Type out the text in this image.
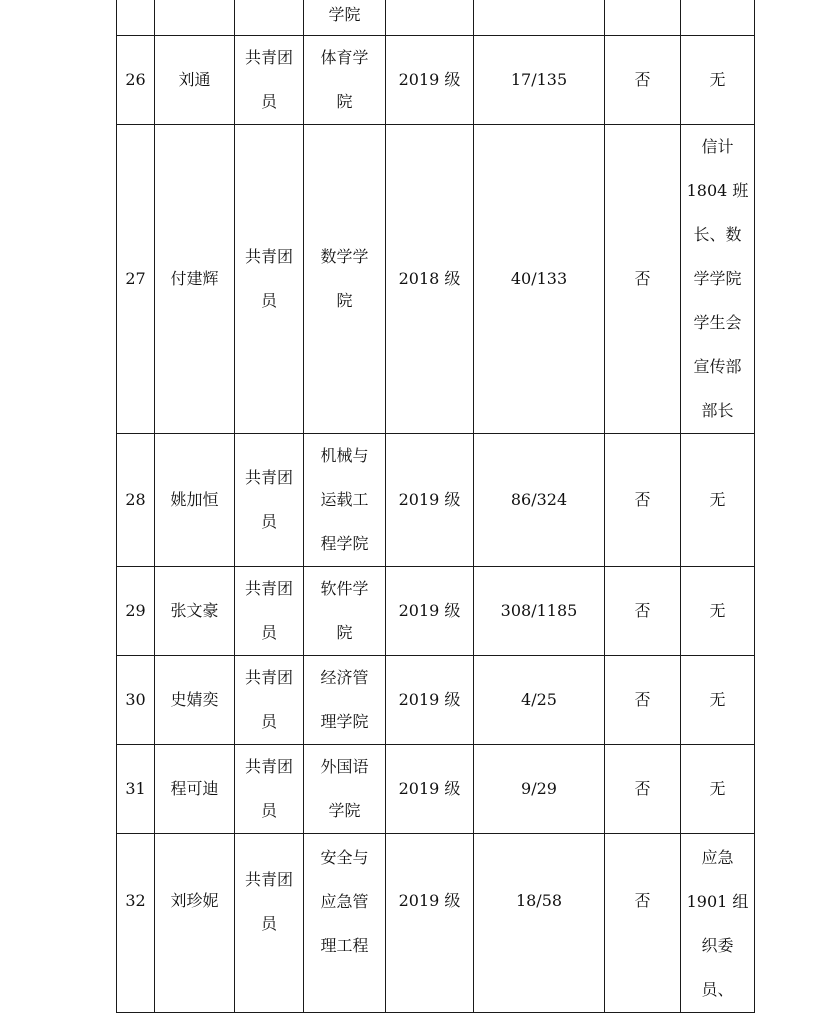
			学院				

26	刘通	共青团员	体育学院	2019 级	17/135	否	无
27	付建辉	共青团员	数学学院	2018 级	40/133	否	信计1804 班长、数学学院学生会宣传部部长

28	姚加恒	共青团员	机械与运载工程学院	2019 级	86/324	否	无
29	张文豪	共青团员	软件学院	2019 级	308/1185	否	无
30	史婧奕	共青团员	经济管理学院	2019 级	4/25	否	无
31	程可迪	共青团员	外国语学院	2019 级	9/29	否	无

32	刘珍妮	共青团员	安全与应急管理工程	2019 级	18/58	否	应急1901 组织委员、
